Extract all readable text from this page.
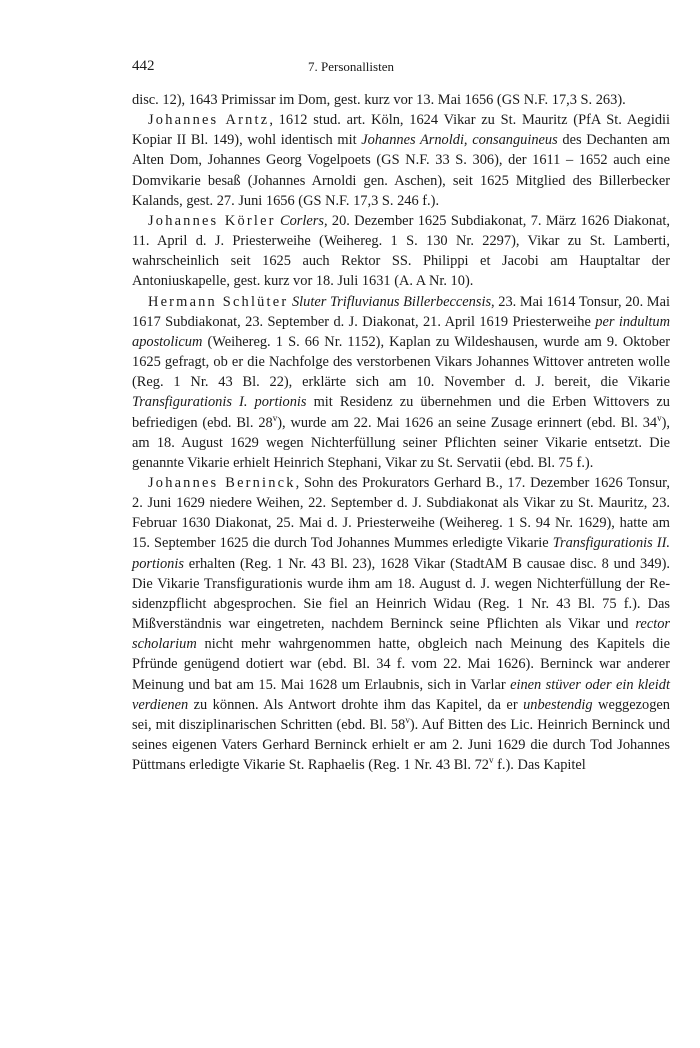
442	7. Personallisten

disc. 12), 1643 Primissar im Dom, gest. kurz vor 13. Mai 1656 (GS N.F. 17,3 S. 263).

Johannes Arntz, 1612 stud. art. Köln, 1624 Vikar zu St. Mauritz (PfA St. Aegidii Kopiar II Bl. 149), wohl identisch mit Johannes Arnoldi, consanguineus des Dechanten am Alten Dom, Johannes Georg Vogelpoets (GS N.F. 33 S. 306), der 1611 – 1652 auch eine Domvikarie besaß (Johannes Arnoldi gen. Aschen), seit 1625 Mitglied des Billerbecker Kalands, gest. 27. Juni 1656 (GS N.F. 17,3 S. 246 f.).

Johannes Körler Corlers, 20. Dezember 1625 Subdiakonat, 7. März 1626 Diakonat, 11. April d. J. Priesterweihe (Weihereg. 1 S. 130 Nr. 2297), Vikar zu St. Lamberti, wahrscheinlich seit 1625 auch Rektor SS. Philippi et Jacobi am Hauptaltar der Antoniuskapelle, gest. kurz vor 18. Juli 1631 (A. A Nr. 10).

Hermann Schlüter Sluter Trifluvianus Billerbeccensis, 23. Mai 1614 Tonsur, 20. Mai 1617 Subdiakonat, 23. September d. J. Diakonat, 21. April 1619 Priesterweihe per indultum apostolicum (Weihereg. 1 S. 66 Nr. 1152), Kaplan zu Wildeshausen, wurde am 9. Oktober 1625 gefragt, ob er die Nachfolge des verstorbenen Vikars Johannes Wittover antreten wolle (Reg. 1 Nr. 43 Bl. 22), erklärte sich am 10. November d. J. bereit, die Vikarie Transfigurationis I. portionis mit Residenz zu übernehmen und die Erben Wittovers zu befriedigen (ebd. Bl. 28$^v$), wurde am 22. Mai 1626 an seine Zusage erinnert (ebd. Bl. 34$^v$), am 18. August 1629 wegen Nichterfüllung seiner Pflichten seiner Vikarie entsetzt. Die genannte Vikarie erhielt Heinrich Stephani, Vikar zu St. Servatii (ebd. Bl. 75 f.).

Johannes Berninck, Sohn des Prokurators Gerhard B., 17. Dezember 1626 Tonsur, 2. Juni 1629 niedere Weihen, 22. September d. J. Subdiakonat als Vikar zu St. Mauritz, 23. Februar 1630 Diakonat, 25. Mai d. J. Priesterweihe (Weihereg. 1 S. 94 Nr. 1629), hatte am 15. September 1625 die durch Tod Johannes Mummes erledigte Vikarie Transfigurationis II. portionis erhalten (Reg. 1 Nr. 43 Bl. 23), 1628 Vikar (StadtAM B causae disc. 8 und 349). Die Vikarie Transfigurationis wurde ihm am 18. August d. J. wegen Nichterfüllung der Residenzpflicht abgesprochen. Sie fiel an Heinrich Widau (Reg. 1 Nr. 43 Bl. 75 f.). Das Mißverständnis war eingetreten, nachdem Berninck seine Pflichten als Vikar und rector scholarium nicht mehr wahrgenommen hatte, obgleich nach Meinung des Kapitels die Pfründe genügend dotiert war (ebd. Bl. 34 f. vom 22. Mai 1626). Berninck war anderer Meinung und bat am 15. Mai 1628 um Erlaubnis, sich in Varlar einen stüver oder ein kleidt verdienen zu können. Als Antwort drohte ihm das Kapitel, da er unbestendig weggezogen sei, mit disziplinarischen Schritten (ebd. Bl. 58$^v$). Auf Bitten des Lic. Heinrich Berninck und seines eigenen Vaters Gerhard Berninck erhielt er am 2. Juni 1629 die durch Tod Johannes Püttmans erledigte Vikarie St. Raphaelis (Reg. 1 Nr. 43 Bl. 72$^v$ f.). Das Kapitel
